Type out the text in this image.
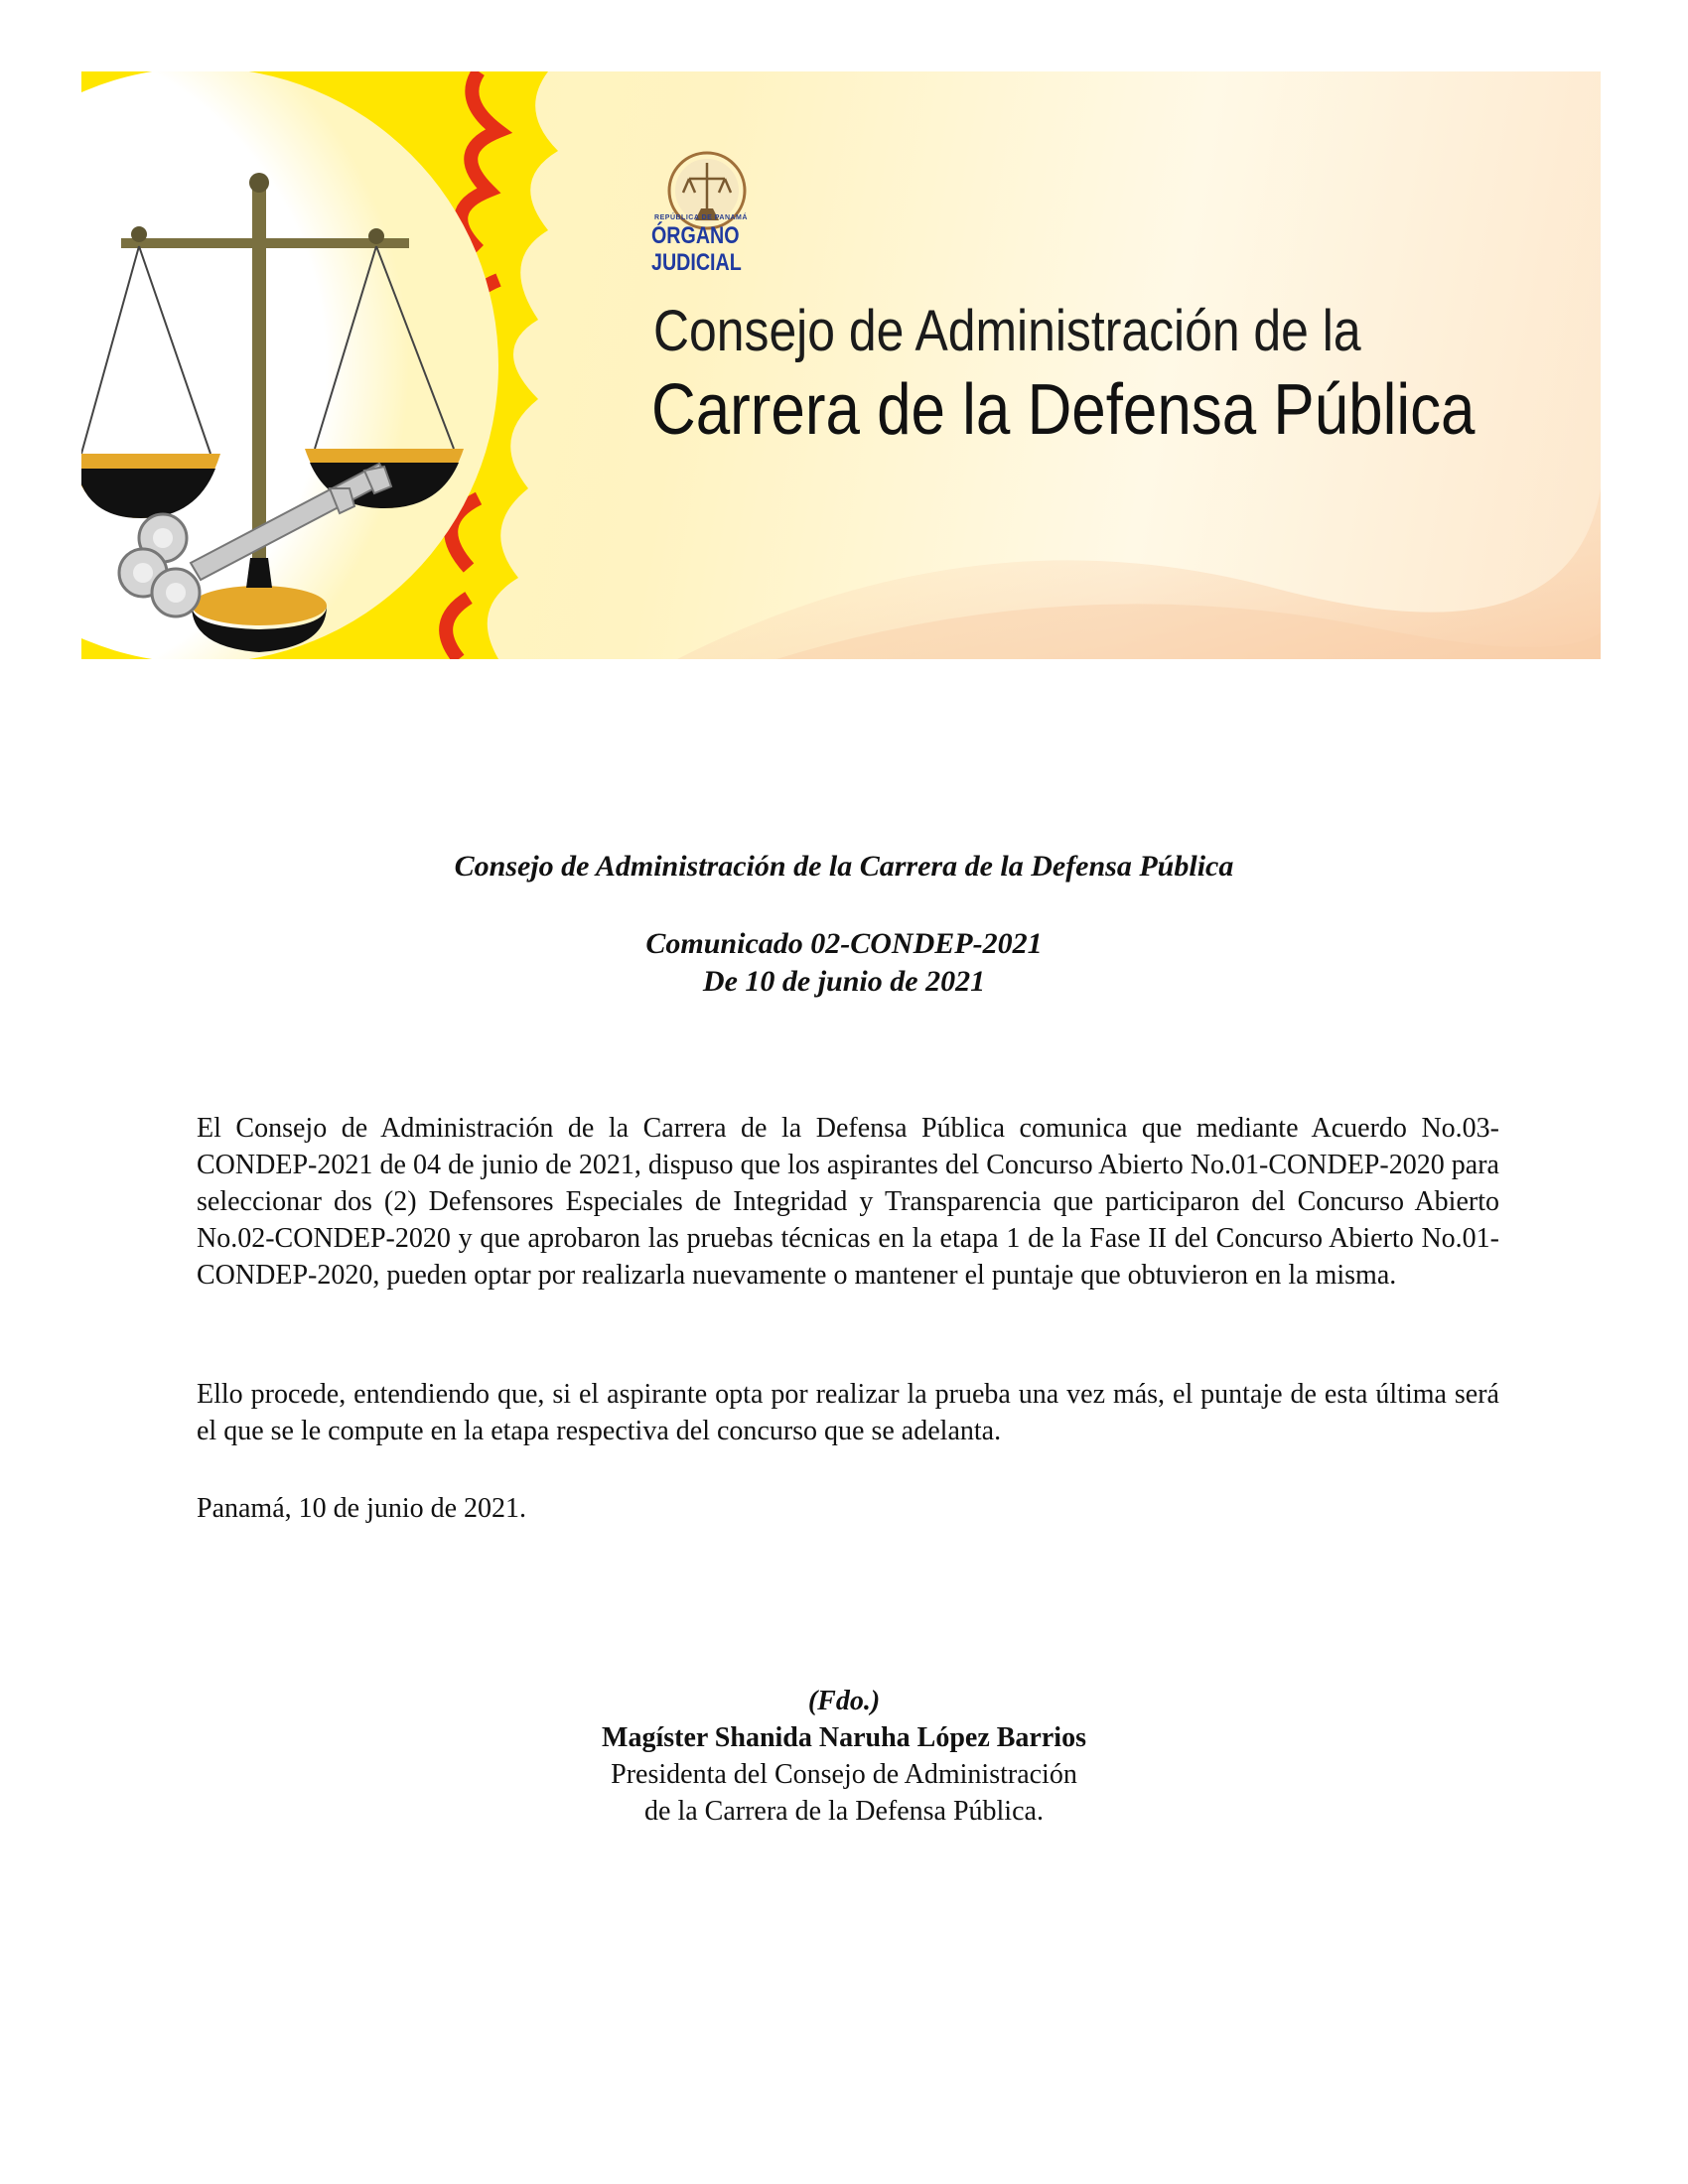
REPÚBLICA DE PANAMÁ
ÓRGANO
JUDICIAL
Consejo de Administración de la
Carrera de la Defensa Pública
Consejo de Administración de la Carrera de la Defensa Pública
Comunicado 02-CONDEP-2021
De 10 de junio de 2021
El Consejo de Administración de la Carrera de la Defensa Pública comunica que mediante Acuerdo No.03-CONDEP-2021 de 04 de junio de 2021, dispuso que los aspirantes del Concurso Abierto No.01-CONDEP-2020 para seleccionar dos (2) Defensores Especiales de Integridad y Transparencia que participaron del Concurso Abierto No.02-CONDEP-2020 y que aprobaron las pruebas técnicas en la etapa 1 de la Fase II del Concurso Abierto No.01-CONDEP-2020, pueden optar por realizarla nuevamente o mantener el puntaje que obtuvieron en la misma.
Ello procede, entendiendo que, si el aspirante opta por realizar la prueba una vez más, el puntaje de esta última será el que se le compute en la etapa respectiva del concurso que se adelanta.
Panamá, 10 de junio de 2021.
(Fdo.)
Magíster Shanida Naruha López Barrios
Presidenta del Consejo de Administración
de la Carrera de la Defensa Pública.
